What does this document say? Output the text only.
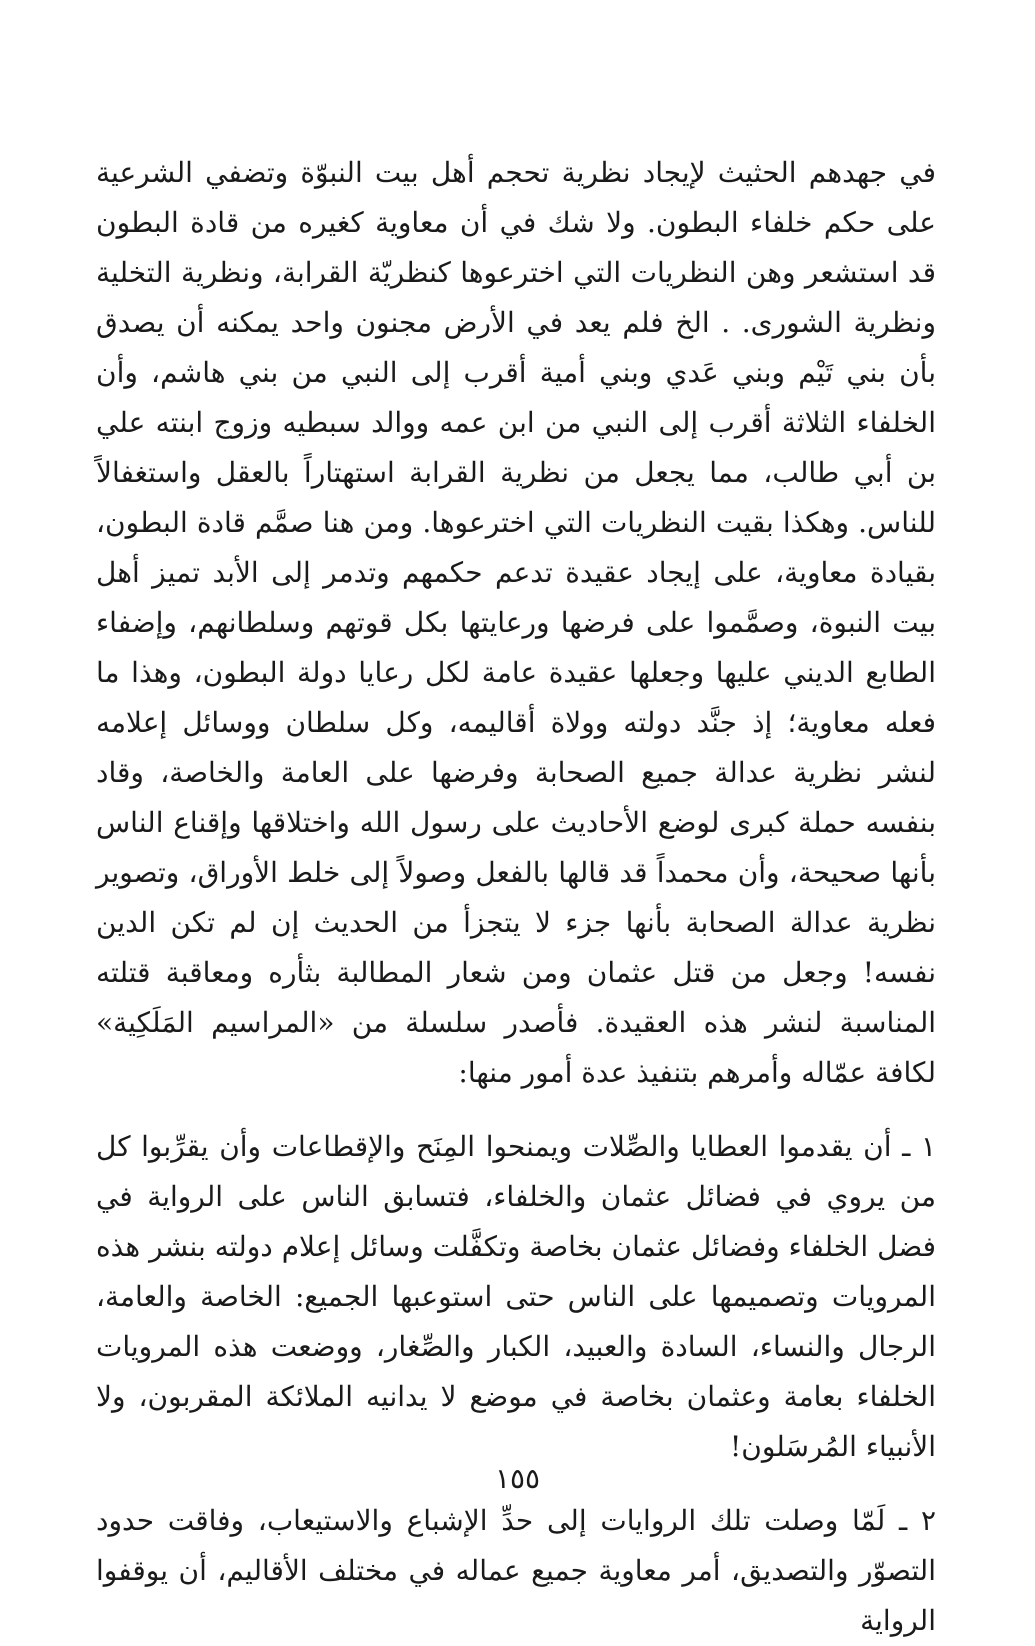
في جهدهم الحثيث لإيجاد نظرية تحجم أهل بيت النبوّة وتضفي الشرعية على حكم خلفاء البطون. ولا شك في أن معاوية كغيره من قادة البطون قد استشعر وهن النظريات التي اخترعوها كنظريّة القرابة، ونظرية التخلية ونظرية الشورى. . الخ فلم يعد في الأرض مجنون واحد يمكنه أن يصدق بأن بني تَيْم وبني عَدي وبني أمية أقرب إلى النبي من بني هاشم، وأن الخلفاء الثلاثة أقرب إلى النبي من ابن عمه ووالد سبطيه وزوج ابنته علي بن أبي طالب، مما يجعل من نظرية القرابة استهتاراً بالعقل واستغفالاً للناس. وهكذا بقيت النظريات التي اخترعوها. ومن هنا صمَّم قادة البطون، بقيادة معاوية، على إيجاد عقيدة تدعم حكمهم وتدمر إلى الأبد تميز أهل بيت النبوة، وصمَّموا على فرضها ورعايتها بكل قوتهم وسلطانهم، وإضفاء الطابع الديني عليها وجعلها عقيدة عامة لكل رعايا دولة البطون، وهذا ما فعله معاوية؛ إذ جنَّد دولته وولاة أقاليمه، وكل سلطان ووسائل إعلامه لنشر نظرية عدالة جميع الصحابة وفرضها على العامة والخاصة، وقاد بنفسه حملة كبرى لوضع الأحاديث على رسول الله واختلاقها وإقناع الناس بأنها صحيحة، وأن محمداً قد قالها بالفعل وصولاً إلى خلط الأوراق، وتصوير نظرية عدالة الصحابة بأنها جزء لا يتجزأ من الحديث إن لم تكن الدين نفسه! وجعل من قتل عثمان ومن شعار المطالبة بثأره ومعاقبة قتلته المناسبة لنشر هذه العقيدة. فأصدر سلسلة من «المراسيم المَلَكِية» لكافة عمّاله وأمرهم بتنفيذ عدة أمور منها:

١ ـ أن يقدموا العطايا والصِّلات ويمنحوا المِنَح والإقطاعات وأن يقرِّبوا كل من يروي في فضائل عثمان والخلفاء، فتسابق الناس على الرواية في فضل الخلفاء وفضائل عثمان بخاصة وتكفَّلت وسائل إعلام دولته بنشر هذه المرويات وتصميمها على الناس حتى استوعبها الجميع: الخاصة والعامة، الرجال والنساء، السادة والعبيد، الكبار والصِّغار، ووضعت هذه المرويات الخلفاء بعامة وعثمان بخاصة في موضع لا يدانيه الملائكة المقربون، ولا الأنبياء المُرسَلون!

٢ ـ لَمّا وصلت تلك الروايات إلى حدِّ الإشباع والاستيعاب، وفاقت حدود التصوّر والتصديق، أمر معاوية جميع عماله في مختلف الأقاليم، أن يوقفوا الرواية

١٥٥
